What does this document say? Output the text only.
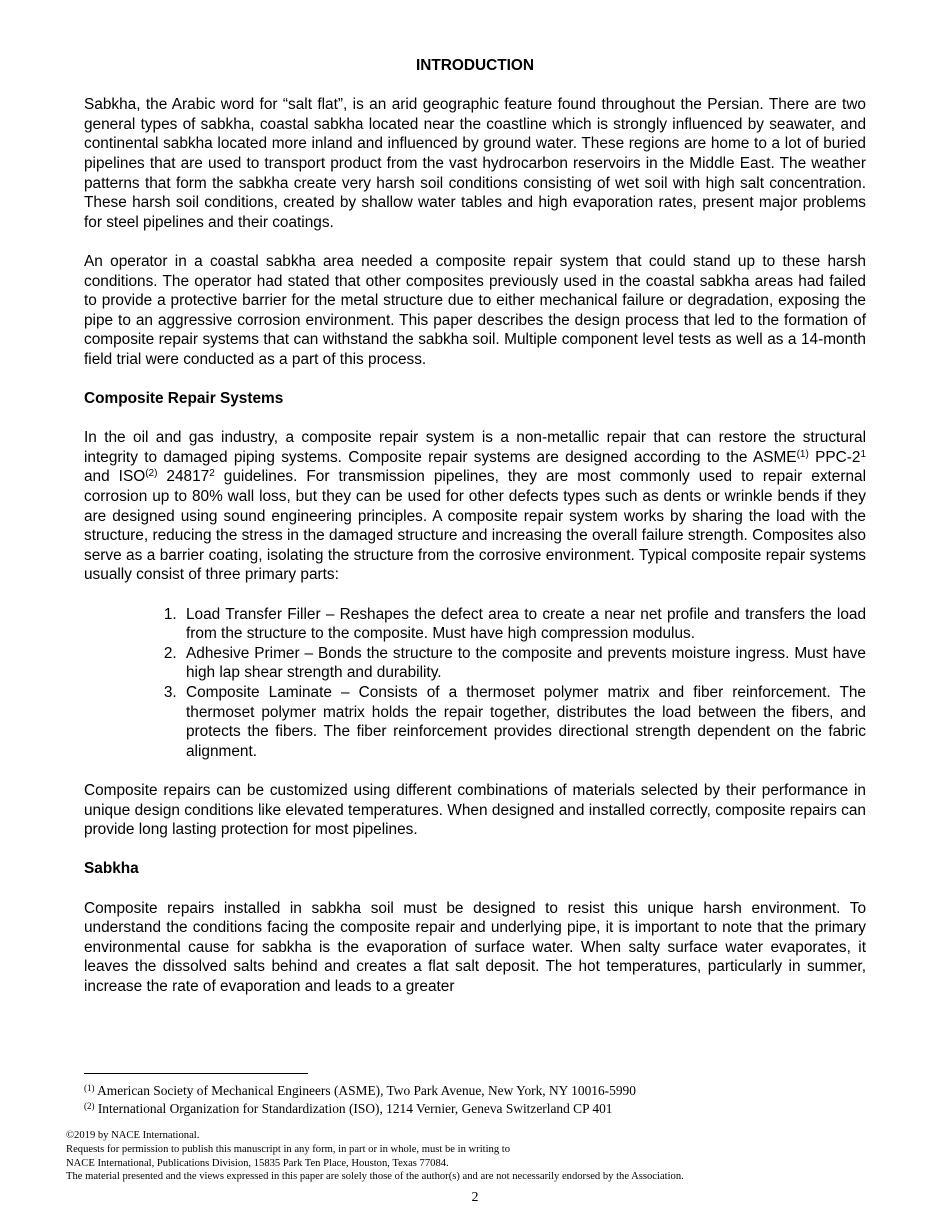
INTRODUCTION

Sabkha, the Arabic word for “salt flat”, is an arid geographic feature found throughout the Persian. There are two general types of sabkha, coastal sabkha located near the coastline which is strongly influenced by seawater, and continental sabkha located more inland and influenced by ground water. These regions are home to a lot of buried pipelines that are used to transport product from the vast hydrocarbon reservoirs in the Middle East. The weather patterns that form the sabkha create very harsh soil conditions consisting of wet soil with high salt concentration. These harsh soil conditions, created by shallow water tables and high evaporation rates, present major problems for steel pipelines and their coatings.

An operator in a coastal sabkha area needed a composite repair system that could stand up to these harsh conditions. The operator had stated that other composites previously used in the coastal sabkha areas had failed to provide a protective barrier for the metal structure due to either mechanical failure or degradation, exposing the pipe to an aggressive corrosion environment. This paper describes the design process that led to the formation of composite repair systems that can withstand the sabkha soil. Multiple component level tests as well as a 14-month field trial were conducted as a part of this process.

Composite Repair Systems

In the oil and gas industry, a composite repair system is a non-metallic repair that can restore the structural integrity to damaged piping systems. Composite repair systems are designed according to the ASME$^{(1)}$ PPC-$2^1$ and ISO$^{(2)}$ 24817$^2$ guidelines. For transmission pipelines, they are most commonly used to repair external corrosion up to 80% wall loss, but they can be used for other defects types such as dents or wrinkle bends if they are designed using sound engineering principles. A composite repair system works by sharing the load with the structure, reducing the stress in the damaged structure and increasing the overall failure strength. Composites also serve as a barrier coating, isolating the structure from the corrosive environment. Typical composite repair systems usually consist of three primary parts:

1. Load Transfer Filler – Reshapes the defect area to create a near net profile and transfers the load from the structure to the composite. Must have high compression modulus.
2. Adhesive Primer – Bonds the structure to the composite and prevents moisture ingress. Must have high lap shear strength and durability.
3. Composite Laminate – Consists of a thermoset polymer matrix and fiber reinforcement. The thermoset polymer matrix holds the repair together, distributes the load between the fibers, and protects the fibers. The fiber reinforcement provides directional strength dependent on the fabric alignment.

Composite repairs can be customized using different combinations of materials selected by their performance in unique design conditions like elevated temperatures. When designed and installed correctly, composite repairs can provide long lasting protection for most pipelines.

Sabkha

Composite repairs installed in sabkha soil must be designed to resist this unique harsh environment. To understand the conditions facing the composite repair and underlying pipe, it is important to note that the primary environmental cause for sabkha is the evaporation of surface water. When salty surface water evaporates, it leaves the dissolved salts behind and creates a flat salt deposit. The hot temperatures, particularly in summer, increase the rate of evaporation and leads to a greater

$^{(1)}$ American Society of Mechanical Engineers (ASME), Two Park Avenue, New York, NY 10016-5990
$^{(2)}$ International Organization for Standardization (ISO), 1214 Vernier, Geneva Switzerland CP 401
©2019 by NACE International.
Requests for permission to publish this manuscript in any form, in part or in whole, must be in writing to
NACE International, Publications Division, 15835 Park Ten Place, Houston, Texas 77084.
The material presented and the views expressed in this paper are solely those of the author(s) and are not necessarily endorsed by the Association.
2
